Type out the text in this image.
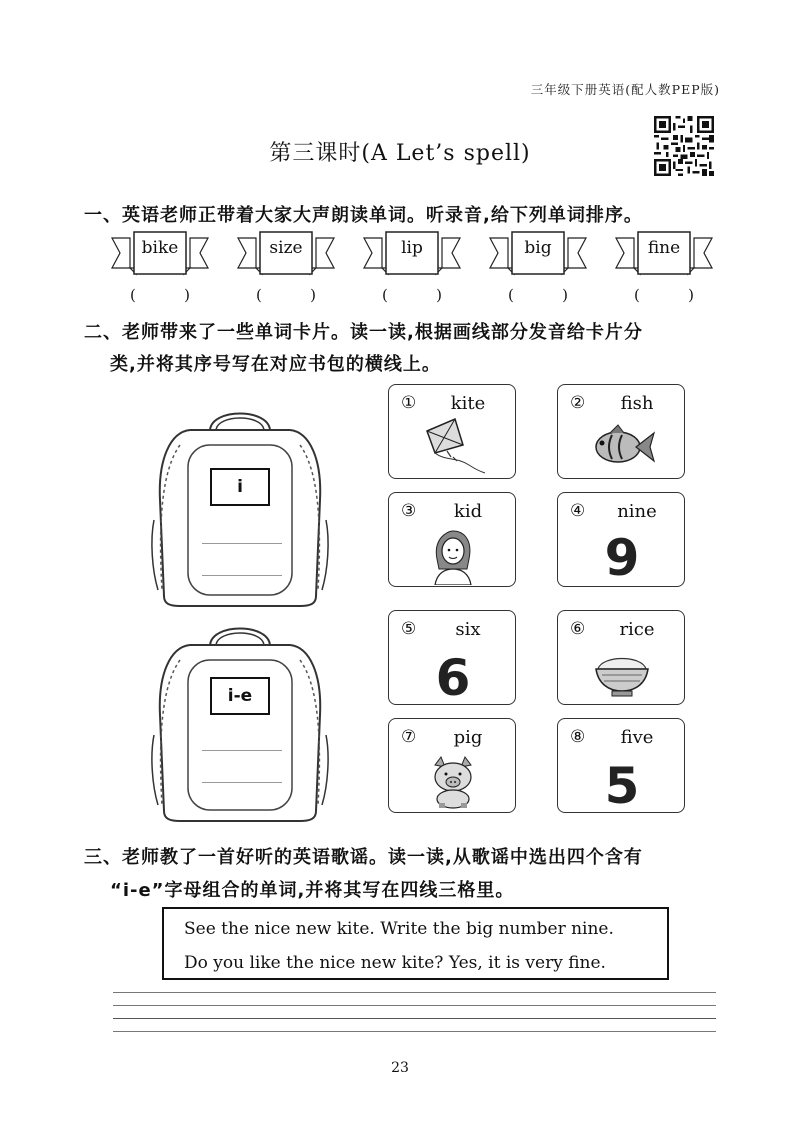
三年级下册英语(配人教PEP版)
第三课时(A Let’s spell)
一、英语老师正带着大家大声朗读单词。听录音,给下列单词排序。
bike	size	lip	big	fine
(	)	(	)	(	)	(	)	(	)
二、老师带来了一些单词卡片。读一读,根据画线部分发音给卡片分
类,并将其序号写在对应书包的横线上。
i
i-e
①	kite	②	fish
③	kid	④	nine
9
⑤	six
6
⑥	rice
⑦	pig	⑧	five
5
三、老师教了一首好听的英语歌谣。读一读,从歌谣中选出四个含有
“i-e”字母组合的单词,并将其写在四线三格里。
See the nice new kite. Write the big number nine.
Do you like the nice new kite? Yes, it is very fine.
23
